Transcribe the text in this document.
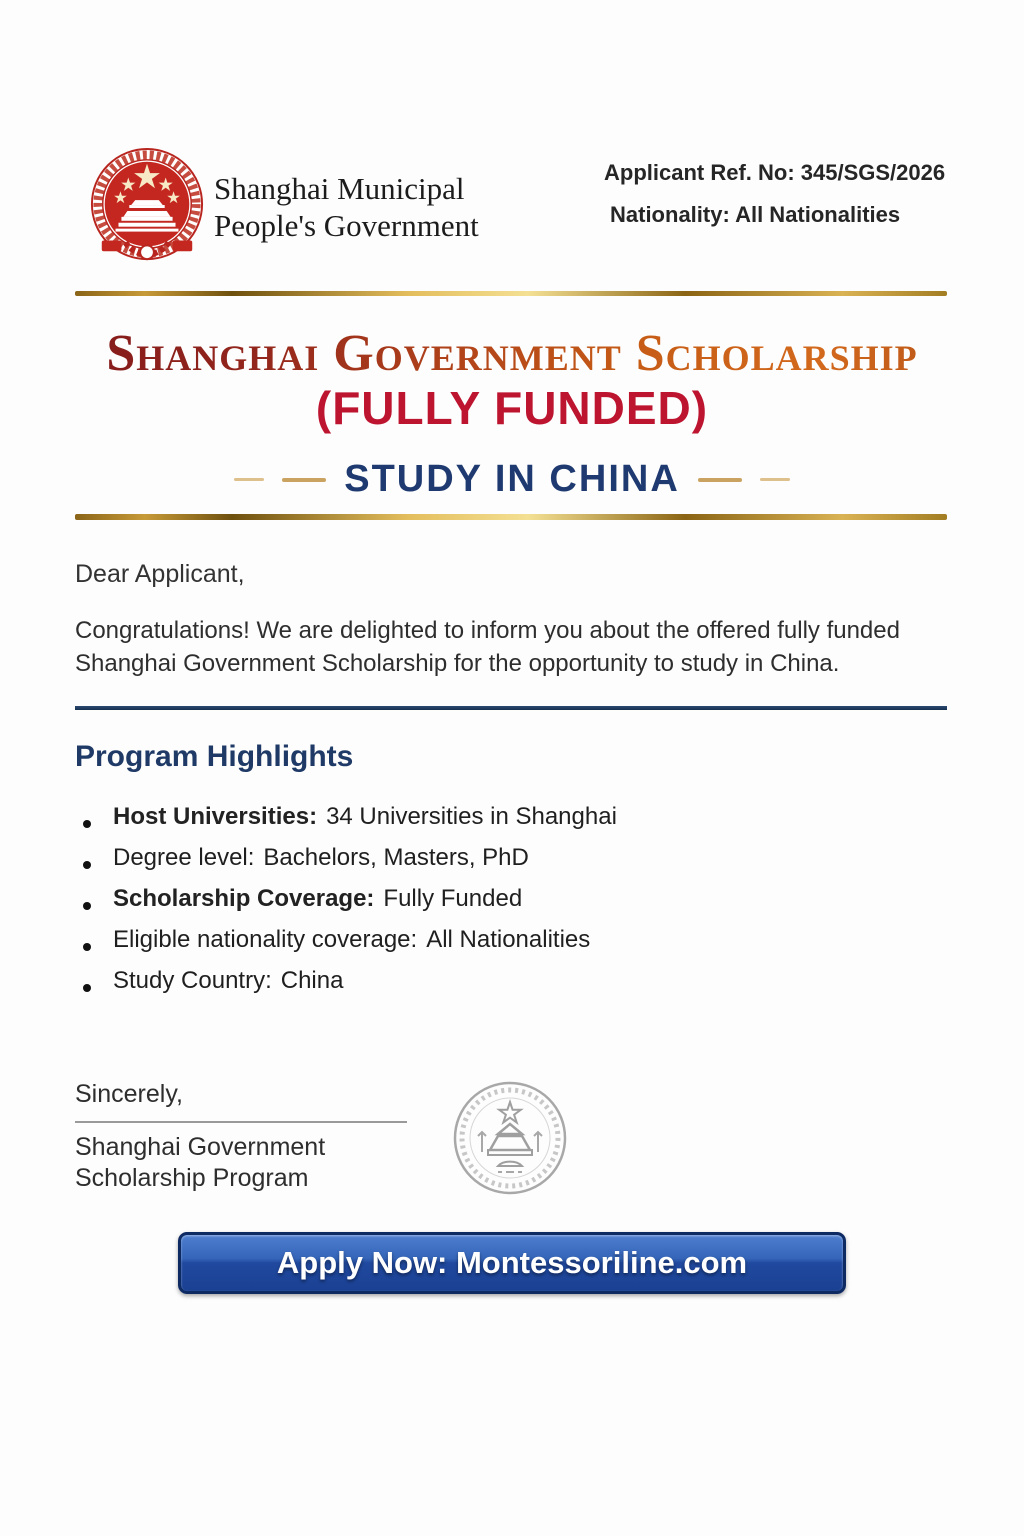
Shanghai Municipal
People's Government
Applicant Ref. No: 345/SGS/2026
Nationality: All Nationalities
Shanghai Government Scholarship
(FULLY FUNDED)
STUDY IN CHINA
Dear Applicant,
Congratulations! We are delighted to inform you about the offered fully funded Shanghai Government Scholarship for the opportunity to study in China.
Program Highlights
Host Universities: 34 Universities in Shanghai
Degree level: Bachelors, Masters, PhD
Scholarship Coverage: Fully Funded
Eligible nationality coverage: All Nationalities
Study Country: China
Sincerely,
Shanghai Government
Scholarship Program
Apply Now: Montessoriline.com
